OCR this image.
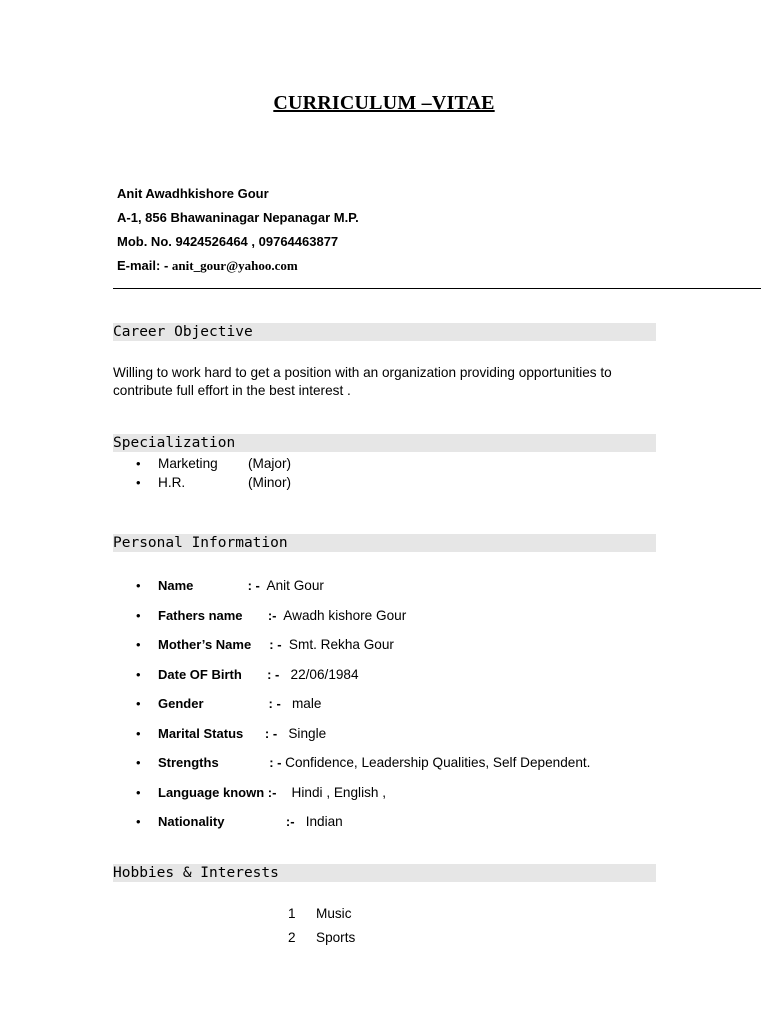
CURRICULUM –VITAE
Anit Awadhkishore Gour
A-1, 856 Bhawaninagar Nepanagar M.P.
Mob. No. 9424526464 , 09764463877
E-mail: - anit_gour@yahoo.com
Career Objective
Willing to work hard to get a position with an organization providing opportunities to contribute full effort in the best interest .
Specialization
•	Marketing	(Major)
•	H.R.	(Minor)
Personal Information
•	Name : - Anit Gour
•	Fathers name :- Awadh kishore Gour
•	Mother’s Name : - Smt. Rekha Gour
•	Date OF Birth : - 22/06/1984
•	Gender : - male
•	Marital Status : - Single
•	Strengths : - Confidence, Leadership Qualities, Self Dependent.
•	Language known :- Hindi , English ,
•	Nationality :- Indian
Hobbies & Interests
1	Music
2	Sports
